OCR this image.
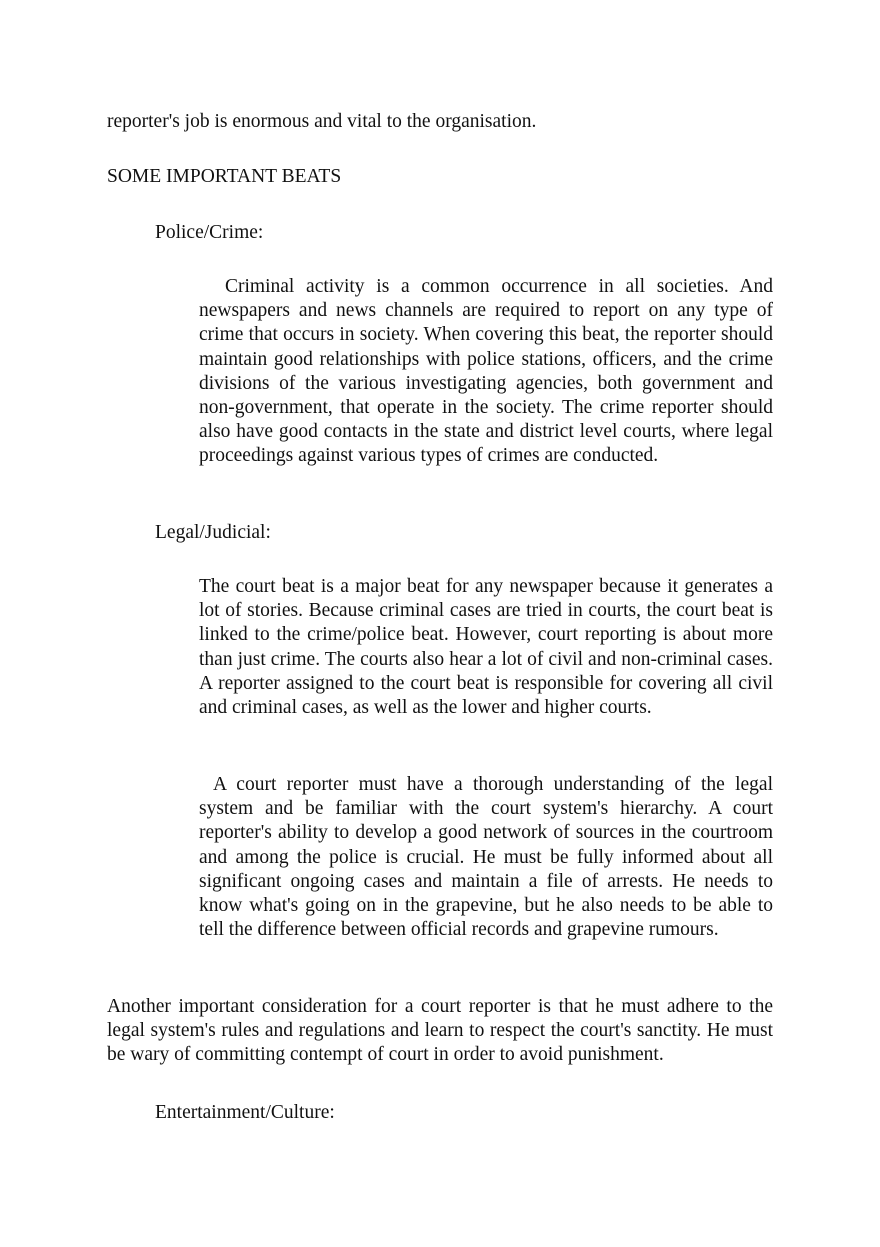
reporter's job is enormous and vital to the organisation.
SOME IMPORTANT BEATS
Police/Crime:

Criminal activity is a common occurrence in all societies. And newspapers and news channels are required to report on any type of crime that occurs in society. When covering this beat, the reporter should maintain good relationships with police stations, officers, and the crime divisions of the various investigating agencies, both government and non-government, that operate in the society. The crime reporter should also have good contacts in the state and district level courts, where legal proceedings against various types of crimes are conducted.

Legal/Judicial:

The court beat is a major beat for any newspaper because it generates a lot of stories. Because criminal cases are tried in courts, the court beat is linked to the crime/police beat. However, court reporting is about more than just crime. The courts also hear a lot of civil and non-criminal cases. A reporter assigned to the court beat is responsible for covering all civil and criminal cases, as well as the lower and higher courts.

A court reporter must have a thorough understanding of the legal system and be familiar with the court system's hierarchy. A court reporter's ability to develop a good network of sources in the courtroom and among the police is crucial. He must be fully informed about all significant ongoing cases and maintain a file of arrests. He needs to know what's going on in the grapevine, but he also needs to be able to tell the difference between official records and grapevine rumours.

Another important consideration for a court reporter is that he must adhere to the legal system's rules and regulations and learn to respect the court's sanctity. He must be wary of committing contempt of court in order to avoid punishment.

Entertainment/Culture:
